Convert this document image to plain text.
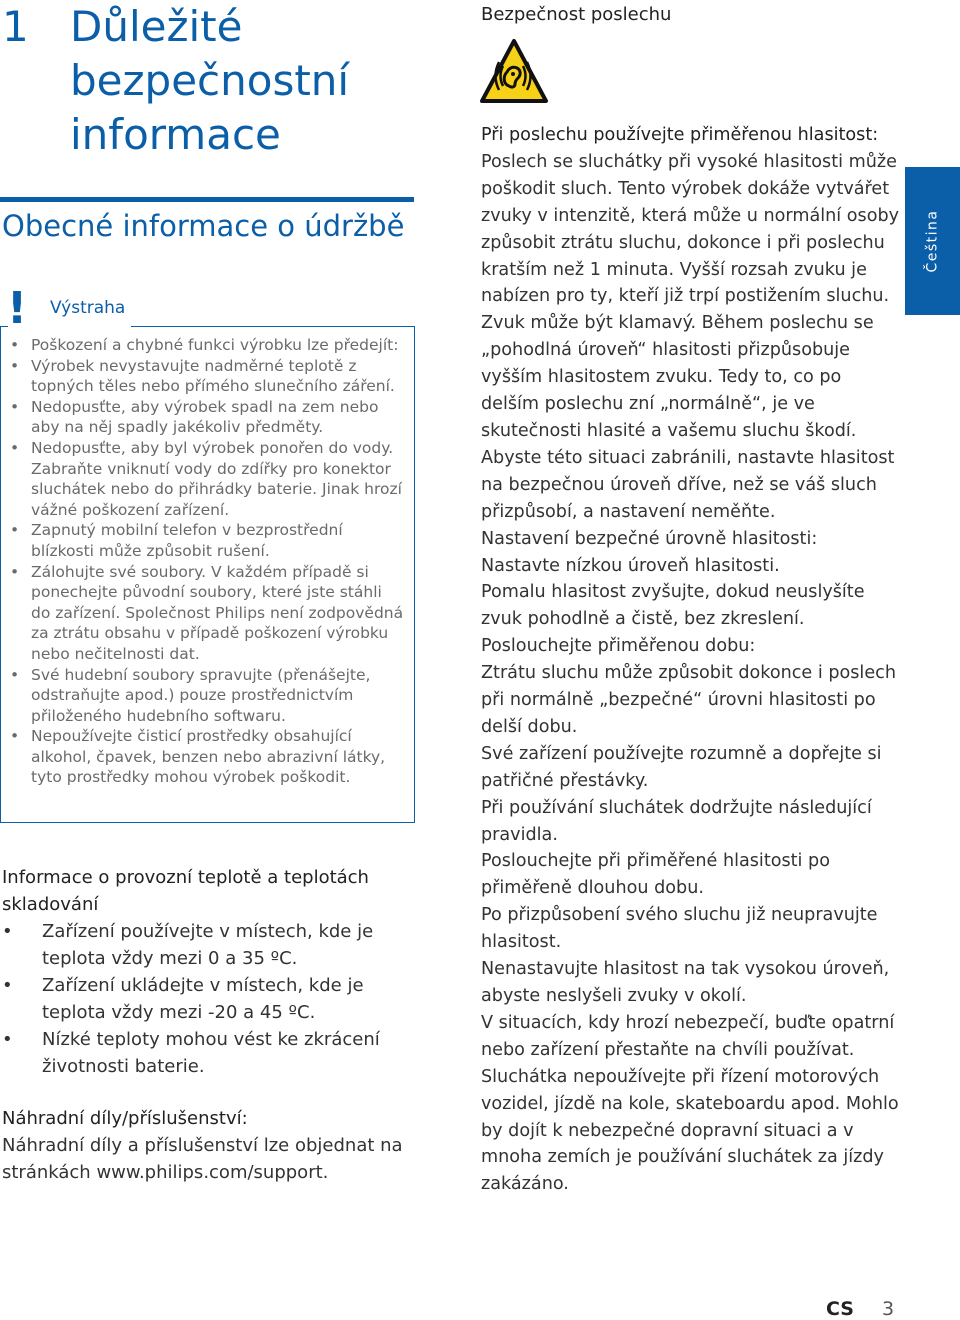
1 Důležité
bezpečnostní
informace
Obecné informace o údržbě
! Výstraha
• Poškození a chybné funkci výrobku lze předejít:
• Výrobek nevystavujte nadměrné teplotě z topných těles nebo přímého slunečního záření.
• Nedopusťte, aby výrobek spadl na zem nebo aby na něj spadly jakékoliv předměty.
• Nedopusťte, aby byl výrobek ponořen do vody. Zabraňte vniknutí vody do zdířky pro konektor sluchátek nebo do přihrádky baterie. Jinak hrozí vážné poškození zařízení.
• Zapnutý mobilní telefon v bezprostřední blízkosti může způsobit rušení.
• Zálohujte své soubory. V každém případě si ponechejte původní soubory, které jste stáhli do zařízení. Společnost Philips není zodpovědná za ztrátu obsahu v případě poškození výrobku nebo nečitelnosti dat.
• Své hudební soubory spravujte (přenášejte, odstraňujte apod.) pouze prostřednictvím přiloženého hudebního softwaru.
• Nepoužívejte čisticí prostředky obsahující alkohol, čpavek, benzen nebo abrazivní látky, tyto prostředky mohou výrobek poškodit.
Informace o provozní teplotě a teplotách skladování
• Zařízení používejte v místech, kde je teplota vždy mezi 0 a 35 ºC.
• Zařízení ukládejte v místech, kde je teplota vždy mezi -20 a 45 ºC.
• Nízké teploty mohou vést ke zkrácení životnosti baterie.
Náhradní díly/příslušenství:
Náhradní díly a příslušenství lze objednat na stránkách www.philips.com/support.
Bezpečnost poslechu

Při poslechu používejte přiměřenou hlasitost:
Poslech se sluchátky při vysoké hlasitosti může poškodit sluch. Tento výrobek dokáže vytvářet zvuky v intenzitě, která může u normální osoby způsobit ztrátu sluchu, dokonce i při poslechu kratším než 1 minuta. Vyšší rozsah zvuku je nabízen pro ty, kteří již trpí postižením sluchu. Zvuk může být klamavý. Během poslechu se „pohodlná úroveň“ hlasitosti přizpůsobuje vyšším hlasitostem zvuku. Tedy to, co po delším poslechu zní „normálně“, je ve skutečnosti hlasité a vašemu sluchu škodí. Abyste této situaci zabránili, nastavte hlasitost na bezpečnou úroveň dříve, než se váš sluch přizpůsobí, a nastavení neměňte.

Nastavení bezpečné úrovně hlasitosti:

Nastavte nízkou úroveň hlasitosti.

Pomalu hlasitost zvyšujte, dokud neuslyšíte zvuk pohodlně a čistě, bez zkreslení.

Poslouchejte přiměřenou dobu:

Ztrátu sluchu může způsobit dokonce i poslech při normálně „bezpečné“ úrovni hlasitosti po delší dobu.

Své zařízení používejte rozumně a dopřejte si patřičné přestávky.

Při používání sluchátek dodržujte následující pravidla.

Poslouchejte při přiměřené hlasitosti po přiměřeně dlouhou dobu.

Po přizpůsobení svého sluchu již neupravujte hlasitost.

Nenastavujte hlasitost na tak vysokou úroveň, abyste neslyšeli zvuky v okolí.

V situacích, kdy hrozí nebezpečí, buďte opatrní nebo zařízení přestaňte na chvíli používat.

Sluchátka nepoužívejte při řízení motorových vozidel, jízdě na kole, skateboardu apod. Mohlo by dojít k nebezpečné dopravní situaci a v mnoha zemích je používání sluchátek za jízdy zakázáno.

Čeština
CS 3
